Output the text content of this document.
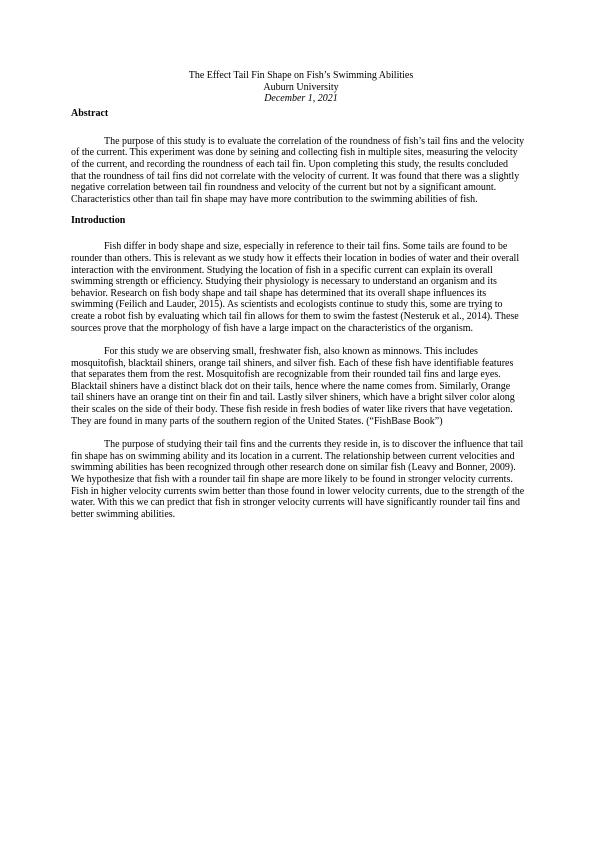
The Effect Tail Fin Shape on Fish’s Swimming Abilities
Auburn University
December 1, 2021

Abstract

The purpose of this study is to evaluate the correlation of the roundness of fish’s tail fins and the velocity of the current. This experiment was done by seining and collecting fish in multiple sites, measuring the velocity of the current, and recording the roundness of each tail fin. Upon completing this study, the results concluded that the roundness of tail fins did not correlate with the velocity of current. It was found that there was a slightly negative correlation between tail fin roundness and velocity of the current but not by a significant amount. Characteristics other than tail fin shape may have more contribution to the swimming abilities of fish.

Introduction

Fish differ in body shape and size, especially in reference to their tail fins. Some tails are found to be rounder than others. This is relevant as we study how it effects their location in bodies of water and their overall interaction with the environment. Studying the location of fish in a specific current can explain its overall swimming strength or efficiency. Studying their physiology is necessary to understand an organism and its behavior. Research on fish body shape and tail shape has determined that its overall shape influences its swimming (Feilich and Lauder, 2015). As scientists and ecologists continue to study this, some are trying to create a robot fish by evaluating which tail fin allows for them to swim the fastest (Nesteruk et al., 2014). These sources prove that the morphology of fish have a large impact on the characteristics of the organism.

For this study we are observing small, freshwater fish, also known as minnows. This includes mosquitofish, blacktail shiners, orange tail shiners, and silver fish. Each of these fish have identifiable features that separates them from the rest. Mosquitofish are recognizable from their rounded tail fins and large eyes. Blacktail shiners have a distinct black dot on their tails, hence where the name comes from. Similarly, Orange tail shiners have an orange tint on their fin and tail. Lastly silver shiners, which have a bright silver color along their scales on the side of their body. These fish reside in fresh bodies of water like rivers that have vegetation. They are found in many parts of the southern region of the United States. (“FishBase Book”)

The purpose of studying their tail fins and the currents they reside in, is to discover the influence that tail fin shape has on swimming ability and its location in a current. The relationship between current velocities and swimming abilities has been recognized through other research done on similar fish (Leavy and Bonner, 2009). We hypothesize that fish with a rounder tail fin shape are more likely to be found in stronger velocity currents. Fish in higher velocity currents swim better than those found in lower velocity currents, due to the strength of the water. With this we can predict that fish in stronger velocity currents will have significantly rounder tail fins and better swimming abilities.
